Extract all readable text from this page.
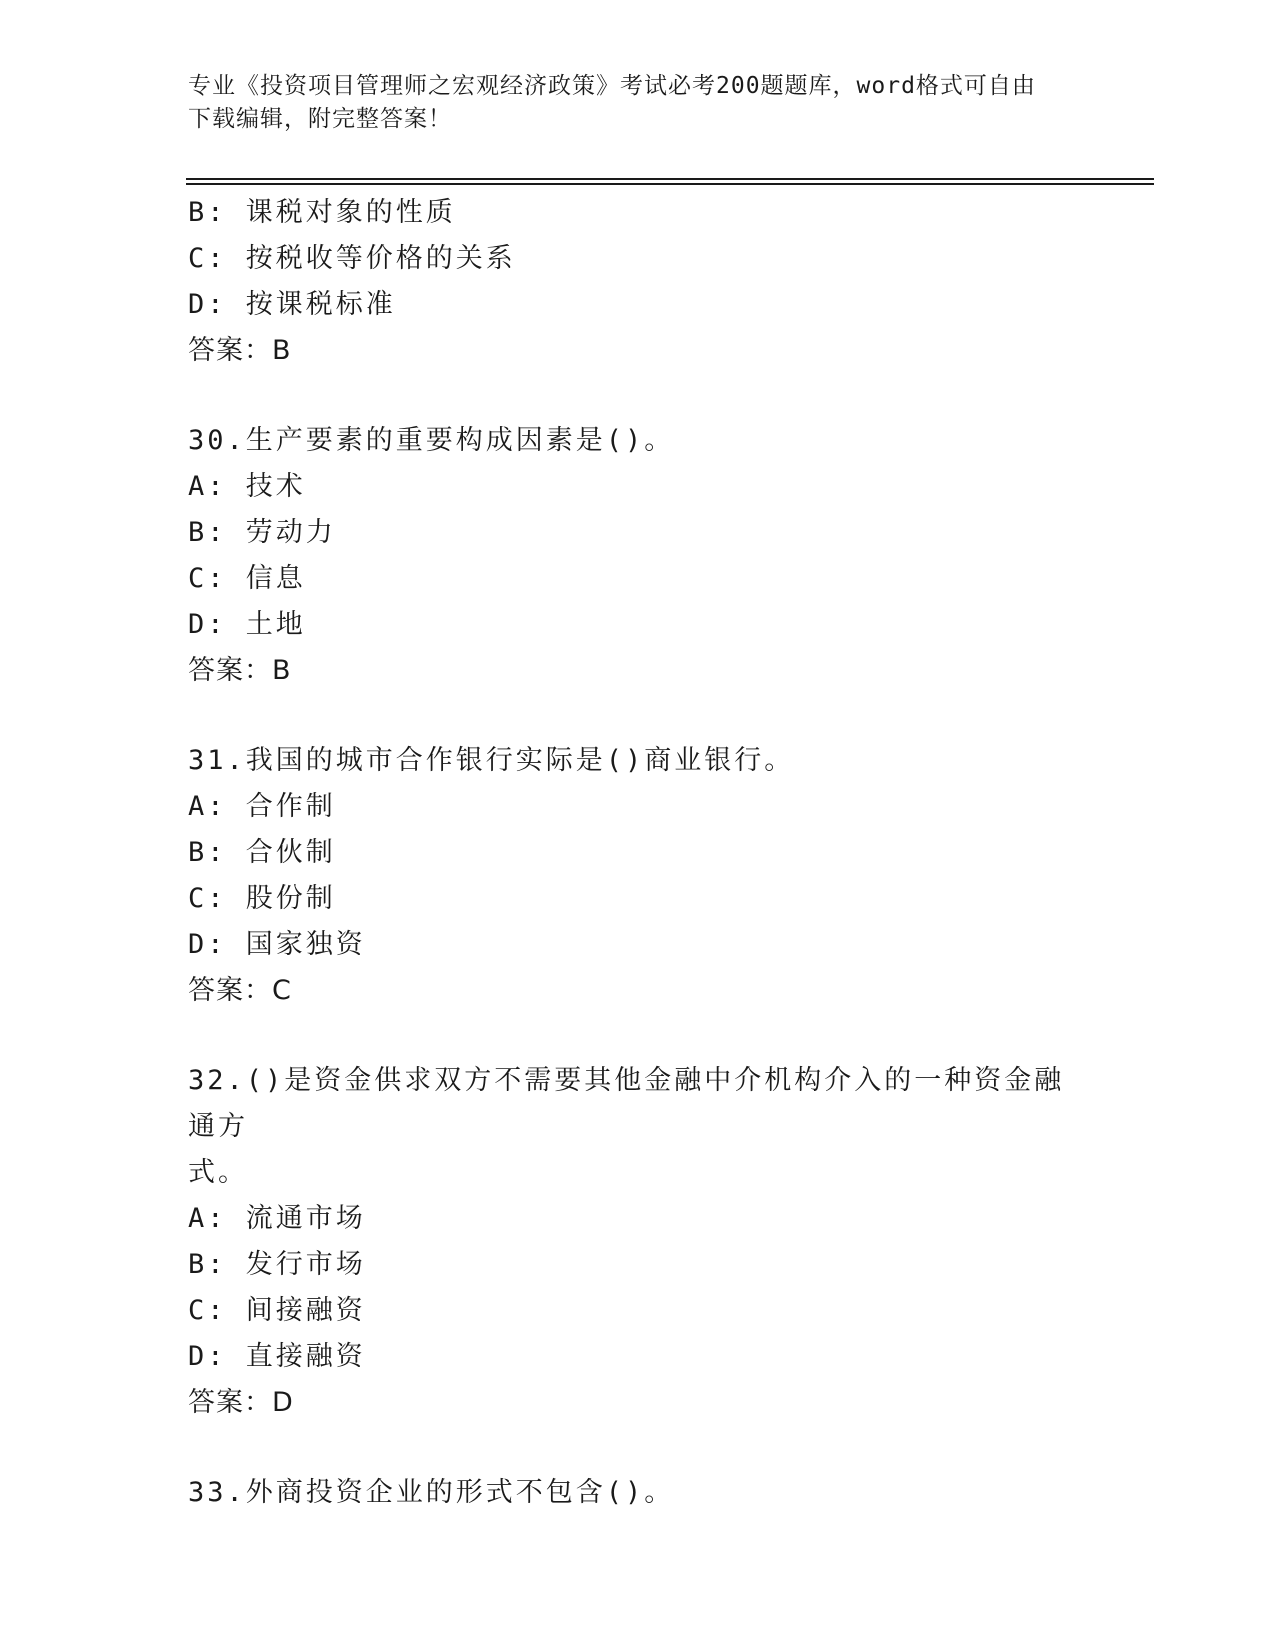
专业《投资项目管理师之宏观经济政策》考试必考200题题库，word格式可自由
下载编辑，附完整答案！
B: 课税对象的性质
C: 按税收等价格的关系
D: 按课税标准
答案：B
30.生产要素的重要构成因素是()。
A: 技术
B: 劳动力
C: 信息
D: 土地
答案：B
31.我国的城市合作银行实际是()商业银行。
A: 合作制
B: 合伙制
C: 股份制
D: 国家独资
答案：C
32.()是资金供求双方不需要其他金融中介机构介入的一种资金融通方
式。
A: 流通市场
B: 发行市场
C: 间接融资
D: 直接融资
答案：D
33.外商投资企业的形式不包含()。
